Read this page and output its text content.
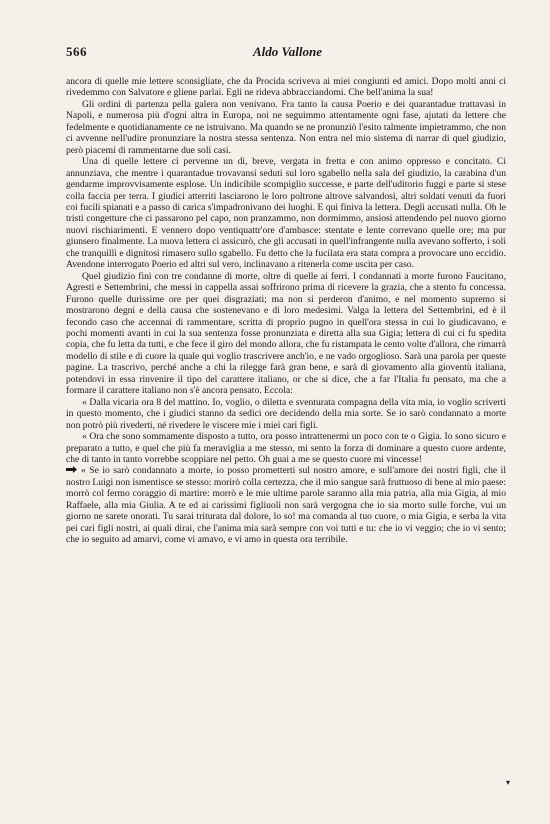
566	Aldo Vallone

ancora di quelle mie lettere sconsigliate, che da Procida scriveva ai miei congiunti ed amici. Dopo molti anni ci rivedemmo con Salvatore e gliene parlai. Egli ne rideva abbracciandomi. Che bell'anima la sua!

Gli ordini di partenza pella galera non venivano. Fra tanto la causa Poerio e dei quarantadue trattavasi in Napoli, e numerosa più d'ogni altra in Europa, noi ne seguimmo attentamente ogni fase, ajutati da lettere che fedelmente e quotidianamente ce ne istruivano. Ma quando se ne pronunziò l'esito talmente impietrammo, che non ci avvenne nell'udire pronunziare la nostra stessa sentenza. Non entra nel mio sistema di narrar di quel giudizio, però piacemi di rammentarne due soli casi.

Una di quelle lettere ci pervenne un dì, breve, vergata in fretta e con animo oppresso e concitato. Ci annunziava, che mentre i quarantadue trovavansi seduti sul loro sgabello nella sala del giudizio, la carabina d'un gendarme improvvisamente esplose. Un indicibile scompiglio successe, e parte dell'uditorio fuggì e parte si stese colla faccia per terra. I giudici atterriti lasciarono le loro poltrone altrove salvandosi, altri soldati venuti da fuori coi fucili spianati e a passo di carica s'impadronivano dei luoghi. E qui finiva la lettera. Degli accusati nulla. Oh le tristi congetture che ci passarono pel capo, non pranzammo, non dormimmo, ansiosi attendendo pel nuovo giorno nuovi rischiarimenti. E vennero dopo ventiquattr'ore d'ambasce: stentate e lente correvano quelle ore; ma pur giunsero finalmente. La nuova lettera ci assicurò, che gli accusati in quell'infrangente nulla avevano sofferto, i soli che tranquilli e dignitosi rimasero sullo sgabello. Fu detto che la fucilata era stata compra a provocare uno eccidio. Avendone interrogato Poerio ed altri sul vero, inclinavano a ritenerla come uscita per caso.

Quel giudizio finì con tre condanne di morte, oltre di quelle ai ferri. I condannati a morte furono Faucitano, Agresti e Settembrini, che messi in cappella assai soffrirono prima di ricevere la grazia, che a stento fu concessa. Furono quelle durissime ore per quei disgraziati; ma non si perderon d'animo, e nel momento supremo si mostrarono degni e della causa che sostenevano e di loro medesimi. Valga la lettera del Settembrini, ed è il fecondo caso che accennai di rammentare, scritta di proprio pugno in quell'ora stessa in cui lo giudicavano, e pochi momenti avanti in cui la sua sentenza fosse pronunziata e diretta alla sua Gigia; lettera di cui ci fu spedita copia, che fu letta da tutti, e che fece il giro del mondo allora, che fu ristampata le cento volte d'allora, che rimarrà modello di stile e di cuore la quale qui voglio trascrivere anch'io, e ne vado orgoglioso. Sarà una parola per queste pagine. La trascrivo, perché anche a chi la rilegge farà gran bene, e sarà di giovamento alla gioventù italiana, potendovi in essa rinvenire il tipo del carattere italiano, or che si dice, che a far l'Italia fu pensato, ma che a formare il carattere italiano non s'è ancora pensato. Eccola:

« Dalla vicaria ora 8 del mattino. Io, voglio, o diletta e sventurata compagna della vita mia, io voglio scriverti in questo momento, che i giudici stanno da sedici ore decidendo della mia sorte. Se io sarò condannato a morte non potrò più rivederti, né rivedere le viscere mie i miei cari figli.

« Ora che sono sommamente disposto a tutto, ora posso intrattenermi un poco con te o Gigia. Io sono sicuro e preparato a tutto, e quel che più fa meraviglia a me stesso, mi sento la forza di dominare a questo cuore ardente, che di tanto in tanto vorrebbe scoppiare nel petto. Oh guai a me se questo cuore mi vincesse!

« Se io sarò condannato a morte, io posso prometterti sul nostro amore, e sull'amore dei nostri figli, che il nostro Luigi non ismentisce se stesso: morirò colla certezza, che il mio sangue sarà fruttuoso di bene al mio paese: morrò col fermo coraggio di martire: morrò e le mie ultime parole saranno alla mia patria, alla mia Gigia, al mio Raffaele, alla mia Giulia. A te ed ai carissimi figliuoli non sarà vergogna che io sia morto sulle forche, vui un giorno ne sarete onorati. Tu sarai triturata dal dolore, lo so! ma comanda al tuo cuore, o mia Gigia, e serba la vita pei cari figli nostri, ai quali dirai, che l'anima mia sarà sempre con voi tutti e tu: che io vi veggio; che io vi sento; che io seguito ad amarvi, come vi amavo, e vi amo in questa ora terribile.

▾
